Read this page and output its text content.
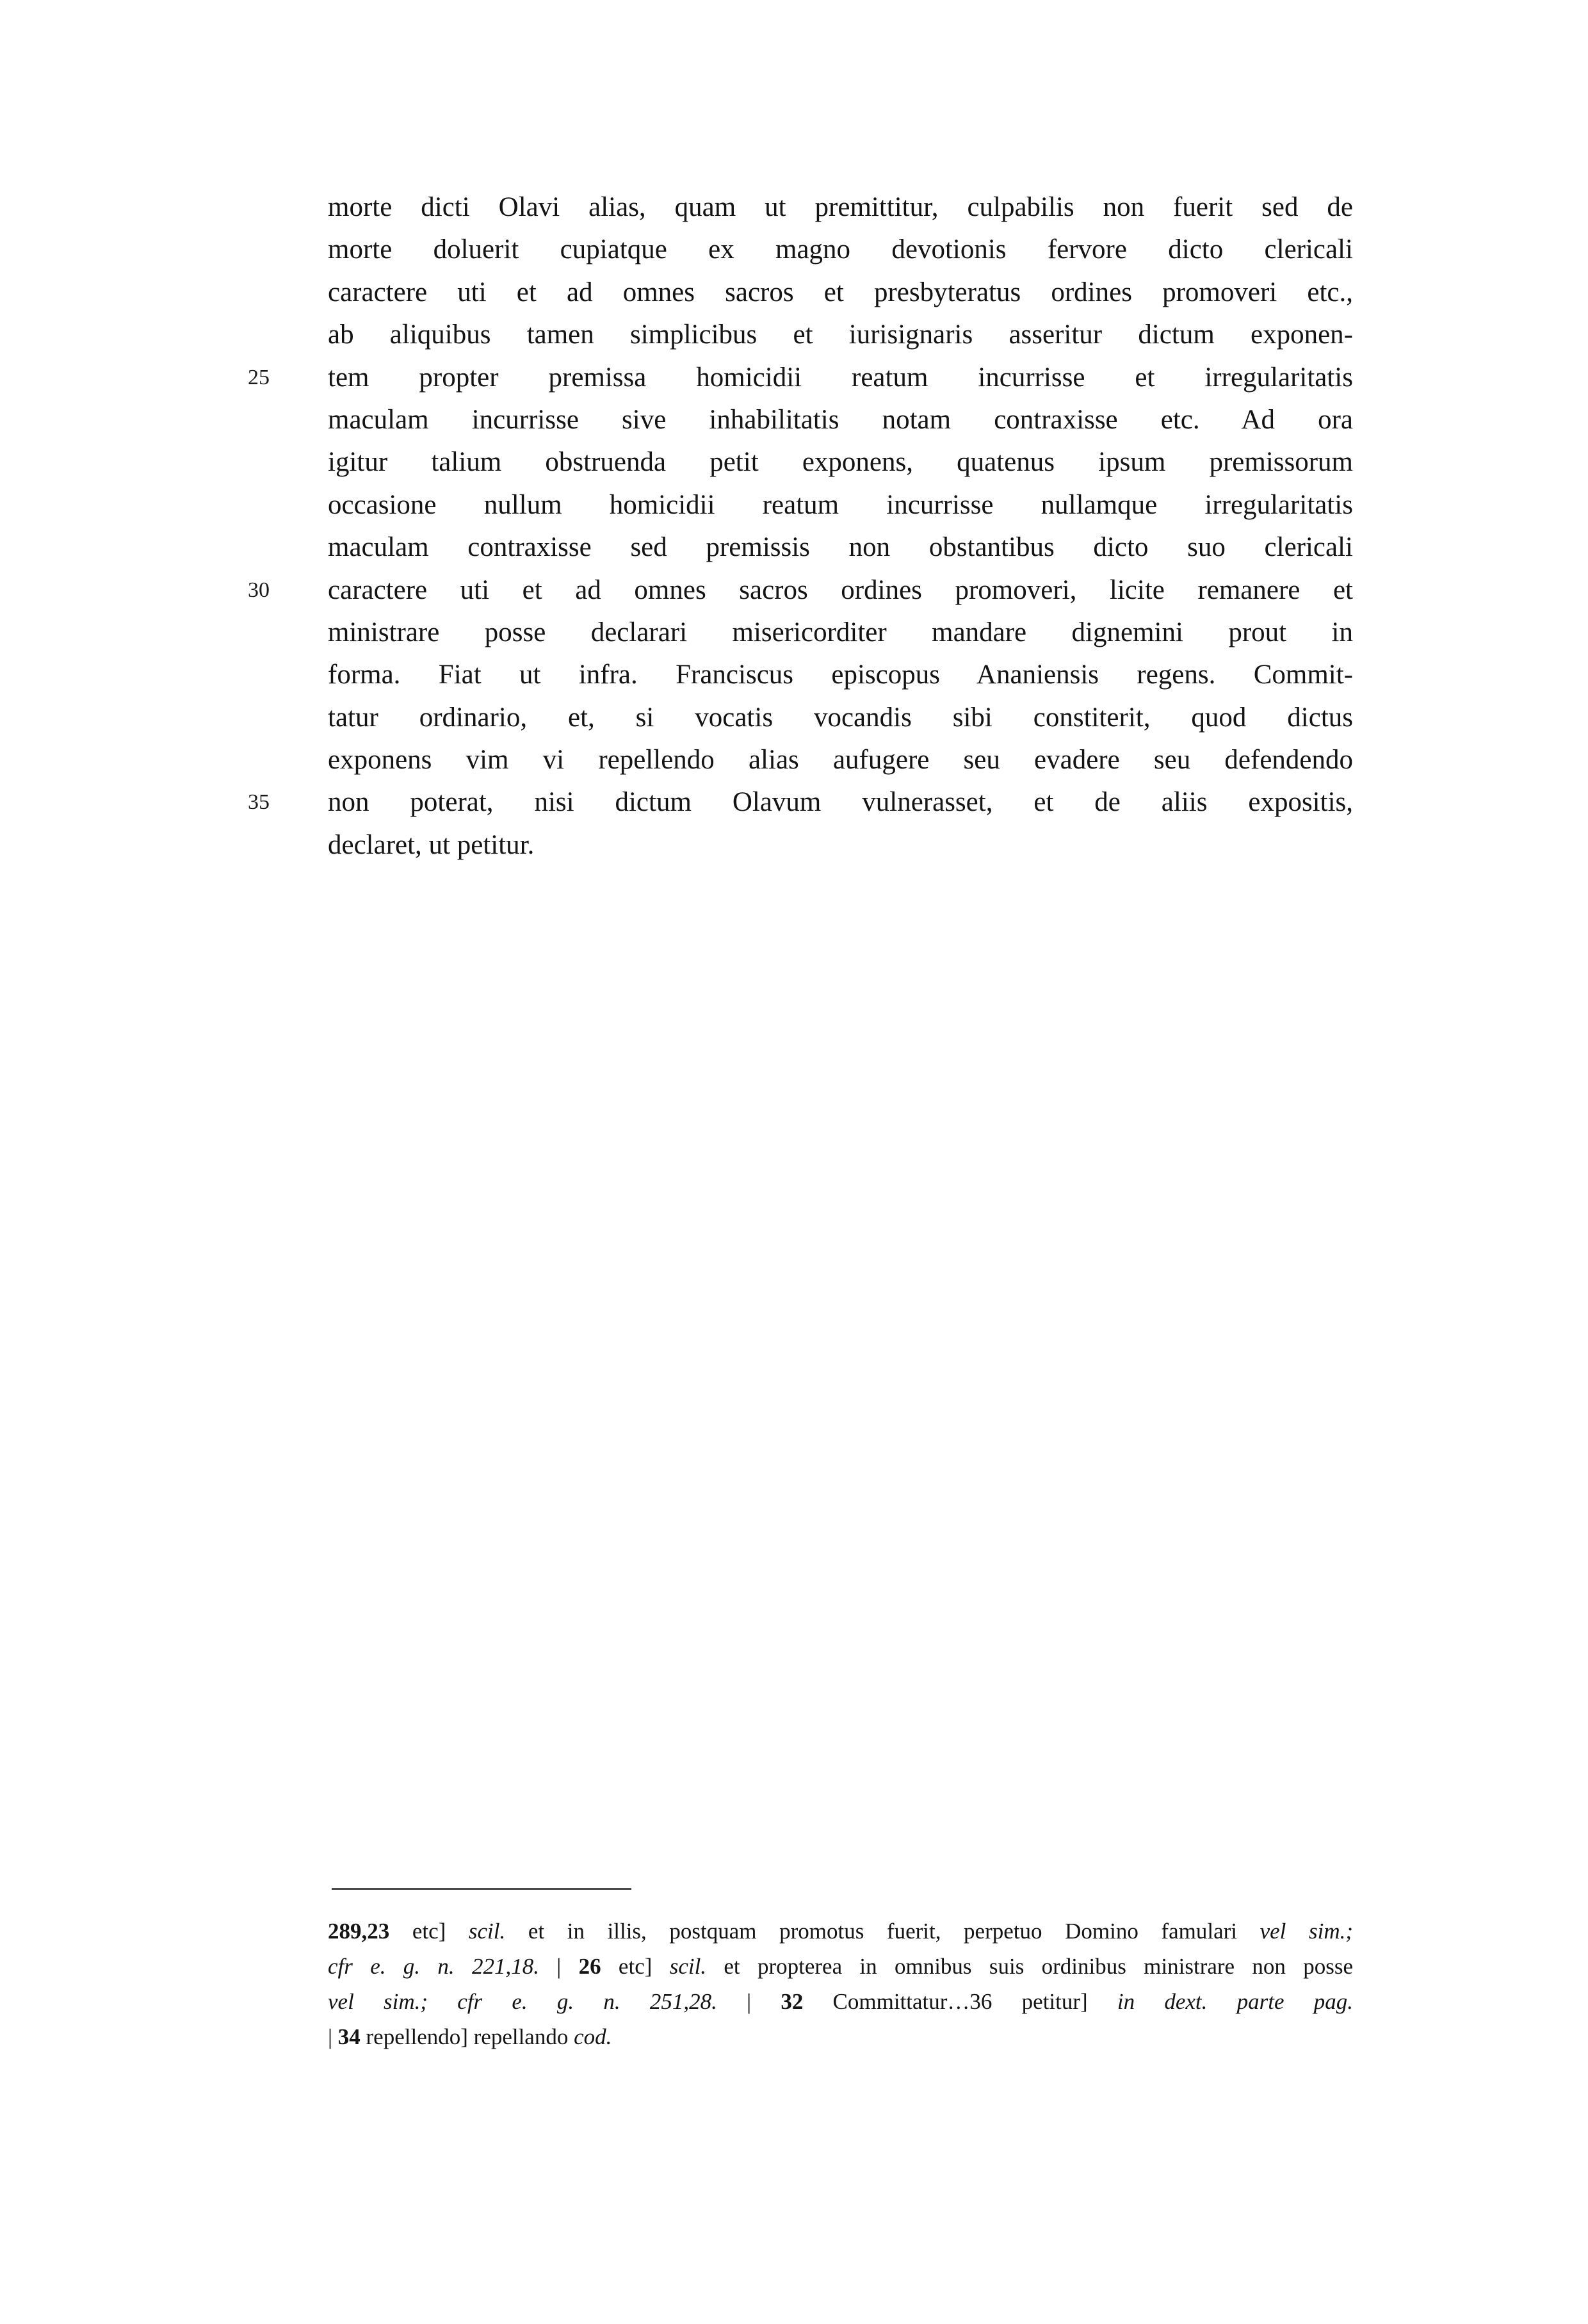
morte dicti Olavi alias, quam ut premittitur, culpabilis non fuerit sed de
morte doluerit cupiatque ex magno devotionis fervore dicto clericali
caractere uti et ad omnes sacros et presbyteratus ordines promoveri etc.,
ab aliquibus tamen simplicibus et iurisignaris asseritur dictum exponen-
25	tem propter premissa homicidii reatum incurrisse et irregularitatis
maculam incurrisse sive inhabilitatis notam contraxisse etc. Ad ora
igitur talium obstruenda petit exponens, quatenus ipsum premissorum
occasione nullum homicidii reatum incurrisse nullamque irregularitatis
maculam contraxisse sed premissis non obstantibus dicto suo clericali
30	caractere uti et ad omnes sacros ordines promoveri, licite remanere et
ministrare posse declarari misericorditer mandare dignemini prout in
forma. Fiat ut infra. Franciscus episcopus Ananiensis regens. Commit-
tatur ordinario, et, si vocatis vocandis sibi constiterit, quod dictus
exponens vim vi repellendo alias aufugere seu evadere seu defendendo
35	non poterat, nisi dictum Olavum vulnerasset, et de aliis expositis,
declaret, ut petitur.
289,23 etc] scil. et in illis, postquam promotus fuerit, perpetuo Domino famulari vel sim.;
cfr e. g. n. 221,18. | 26 etc] scil. et propterea in omnibus suis ordinibus ministrare non posse
vel sim.; cfr e. g. n. 251,28. | 32 Committatur…36 petitur] in dext. parte pag.
| 34 repellendo] repellando cod.
